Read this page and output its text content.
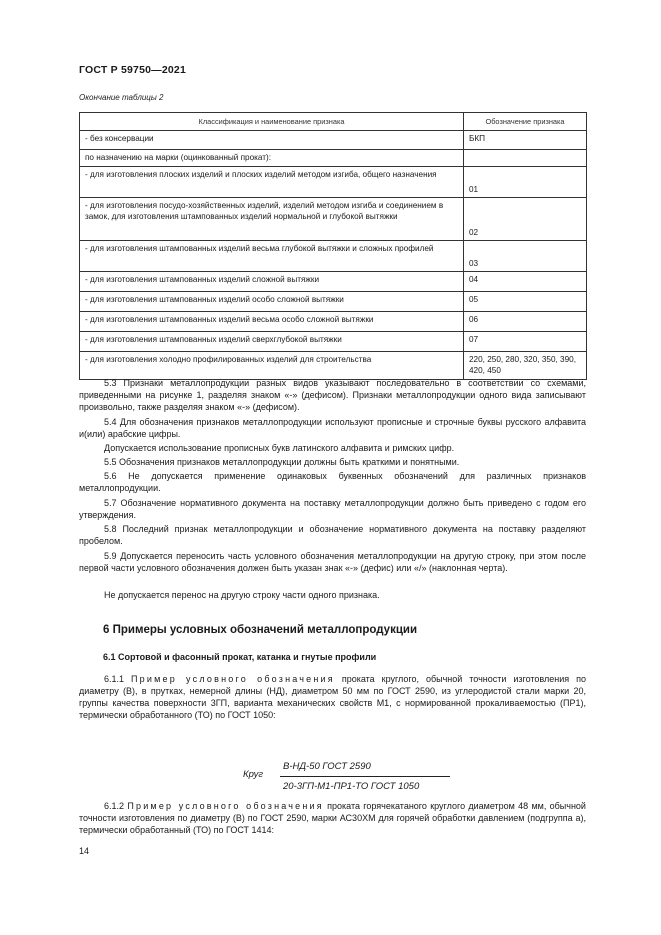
ГОСТ Р 59750—2021
Окончание таблицы 2
Классификация и наименование признака	Обозначение признака
- без консервации	БКП
по назначению на марки (оцинкованный прокат):	
- для изготовления плоских изделий и плоских изделий методом изгиба, общего назначения	01
- для изготовления посудо-хозяйственных изделий, изделий методом изгиба и соединением в замок, для изготовления штампованных изделий нормальной и глубокой вытяжки	02
- для изготовления штампованных изделий весьма глубокой вытяжки и сложных профилей	03
- для изготовления штампованных изделий сложной вытяжки	04
- для изготовления штампованных изделий особо сложной вытяжки	05
- для изготовления штампованных изделий весьма особо сложной вытяжки	06
- для изготовления штампованных изделий сверхглубокой вытяжки	07
- для изготовления холодно профилированных изделий для строительства	220, 250, 280, 320, 350, 390, 420, 450

5.3 Признаки металлопродукции разных видов указывают последовательно в соответствии со схемами, приведенными на рисунке 1, разделяя знаком «-» (дефисом). Признаки металлопродукции одного вида записывают произвольно, также разделяя знаком «-» (дефисом).

5.4 Для обозначения признаков металлопродукции используют прописные и строчные буквы русского алфавита и(или) арабские цифры.

Допускается использование прописных букв латинского алфавита и римских цифр.

5.5 Обозначения признаков металлопродукции должны быть краткими и понятными.

5.6 Не допускается применение одинаковых буквенных обозначений для различных признаков металлопродукции.

5.7 Обозначение нормативного документа на поставку металлопродукции должно быть приведено с годом его утверждения.

5.8 Последний признак металлопродукции и обозначение нормативного документа на поставку разделяют пробелом.

5.9 Допускается переносить часть условного обозначения металлопродукции на другую строку, при этом после первой части условного обозначения должен быть указан знак «-» (дефис) или «/» (наклонная черта).

Не допускается перенос на другую строку части одного признака.

6 Примеры условных обозначений металлопродукции
6.1 Сортовой и фасонный прокат, катанка и гнутые профили

6.1.1 Пример условного обозначения проката круглого, обычной точности изготовления по диаметру (В), в прутках, немерной длины (НД), диаметром 50 мм по ГОСТ 2590, из углеродистой стали марки 20, группы качества поверхности 3ГП, варианта механических свойств М1, с нормированной прокаливаемостью (ПР1), термически обработанного (ТО) по ГОСТ 1050:

Круг
В-НД-50 ГОСТ 2590
20-3ГП-М1-ПР1-ТО ГОСТ 1050

6.1.2 Пример условного обозначения проката горячекатаного круглого диаметром 48 мм, обычной точности изготовления по диаметру (В) по ГОСТ 2590, марки АС30ХМ для горячей обработки давлением (подгруппа а), термически обработанный (ТО) по ГОСТ 1414:

14
